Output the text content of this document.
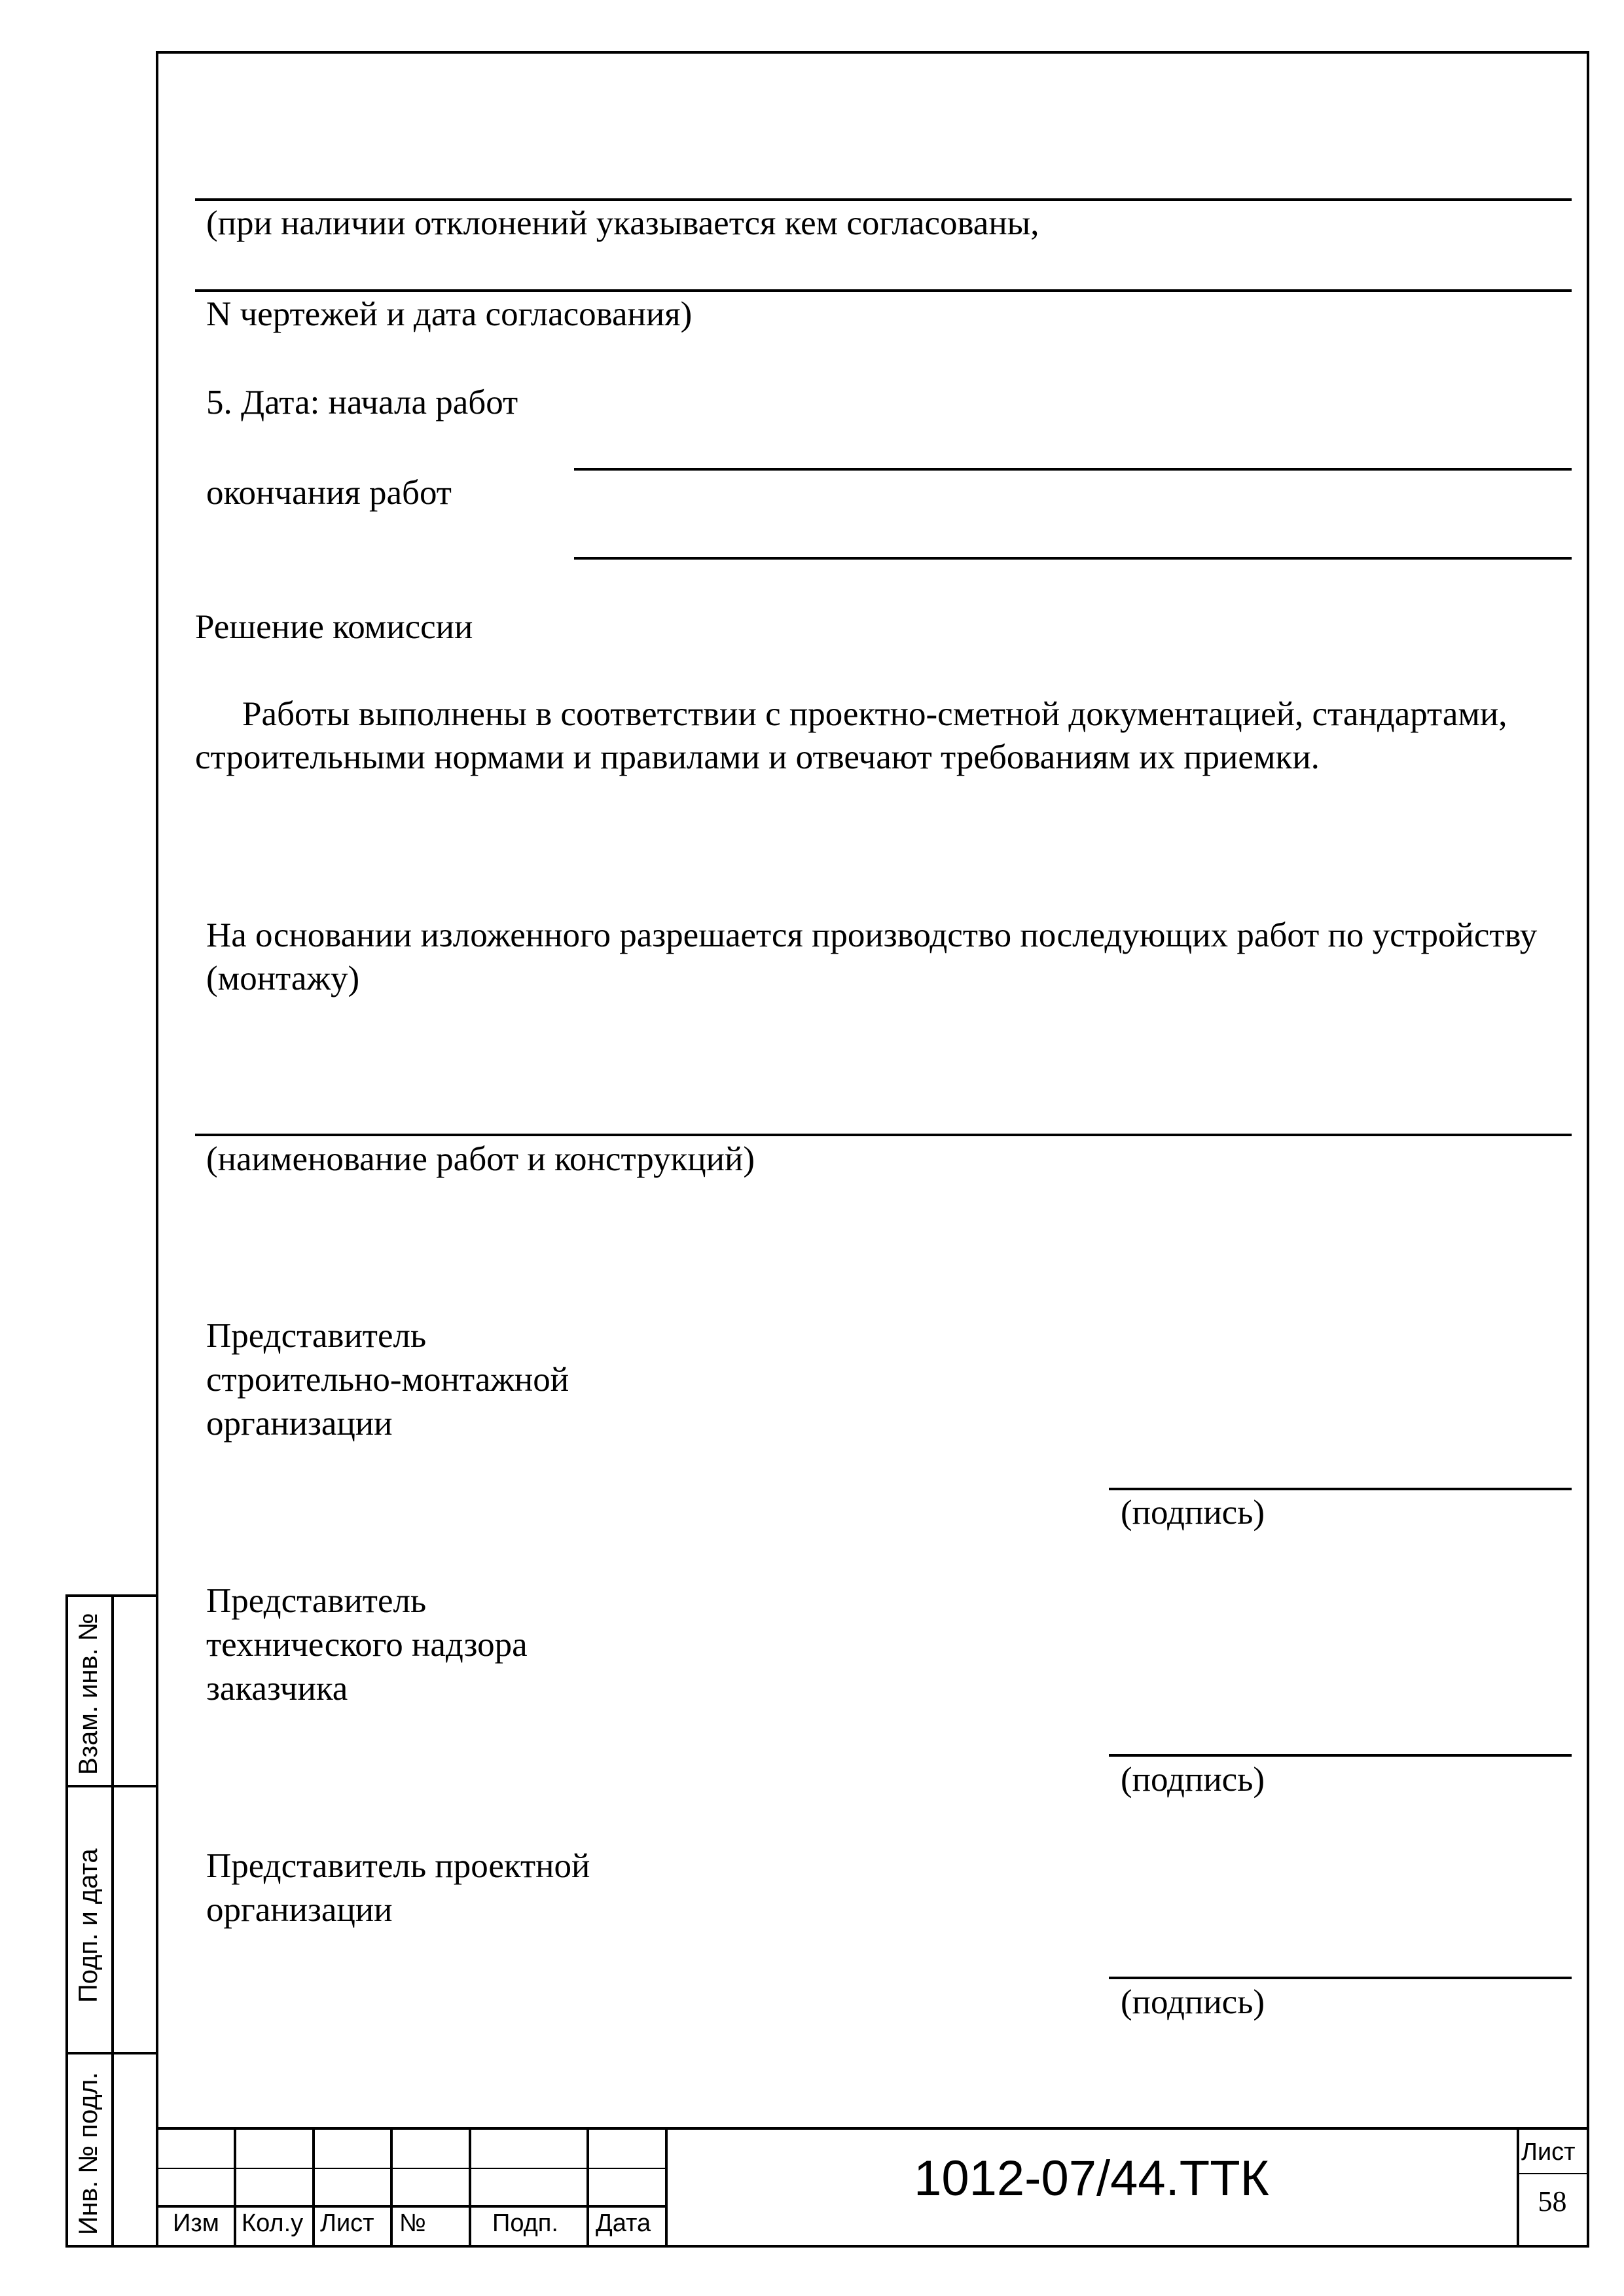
(при наличии отклонений указывается кем согласованы,
N чертежей и дата согласования)
5. Дата: начала работ
окончания работ
Решение комиссии
Работы выполнены в соответствии с проектно-сметной документацией, стандартами, строительными нормами и правилами и отвечают требованиям их приемки.
На основании изложенного разрешается производство последующих работ по устройству (монтажу)
(наименование работ и конструкций)
Представитель
строительно-монтажной
организации
(подпись)
Представитель
технического надзора
заказчика
(подпись)
Представитель проектной
организации
(подпись)
Взам. инв. №
Подп. и дата
Инв. № подл.	Изм Кол.у Лист №	Подп. Дата
1012-07/44.ТТК	Лист
58
